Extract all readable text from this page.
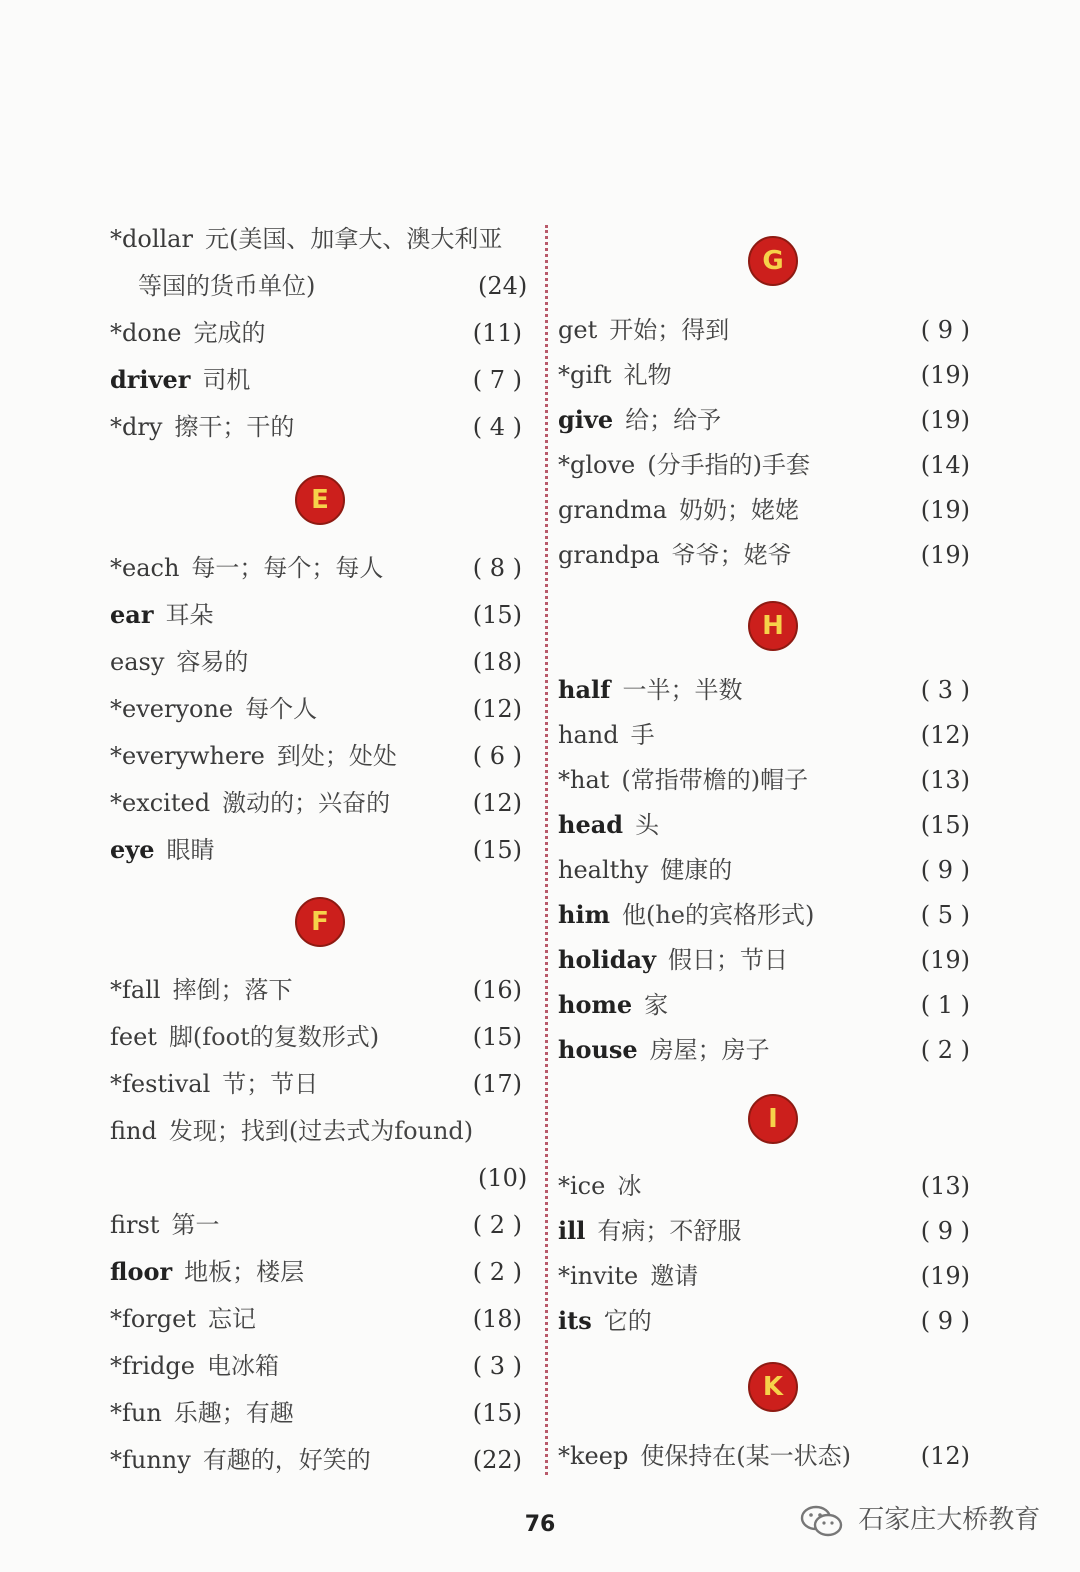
*dollar 元(美国、加拿大、澳大利亚
等国的货币单位)	(24)
*done 完成的	(11)
driver 司机	( 7 )
*dry 擦干；干的	( 4 )
E
*each 每一；每个；每人	( 8 )
ear 耳朵	(15)
easy 容易的	(18)
*everyone 每个人	(12)
*everywhere 到处；处处	( 6 )
*excited 激动的；兴奋的	(12)
eye 眼睛	(15)
F
*fall 摔倒；落下	(16)
feet 脚(foot的复数形式)	(15)
*festival 节；节日	(17)
find 发现；找到(过去式为found)
(10)
first 第一	( 2 )
floor 地板；楼层	( 2 )
*forget 忘记	(18)
*fridge 电冰箱	( 3 )
*fun 乐趣；有趣	(15)
*funny 有趣的，好笑的	(22)
G
get 开始；得到	( 9 )
*gift 礼物	(19)
give 给；给予	(19)
*glove (分手指的)手套	(14)
grandma 奶奶；姥姥	(19)
grandpa 爷爷；姥爷	(19)
H
half 一半；半数	( 3 )
hand 手	(12)
*hat (常指带檐的)帽子	(13)
head 头	(15)
healthy 健康的	( 9 )
him 他(he的宾格形式)	( 5 )
holiday 假日；节日	(19)
home 家	( 1 )
house 房屋；房子	( 2 )
I
*ice 冰	(13)
ill 有病；不舒服	( 9 )
*invite 邀请	(19)
its 它的	( 9 )
K
*keep 使保持在(某一状态)	(12)
76	石家庄大桥教育
